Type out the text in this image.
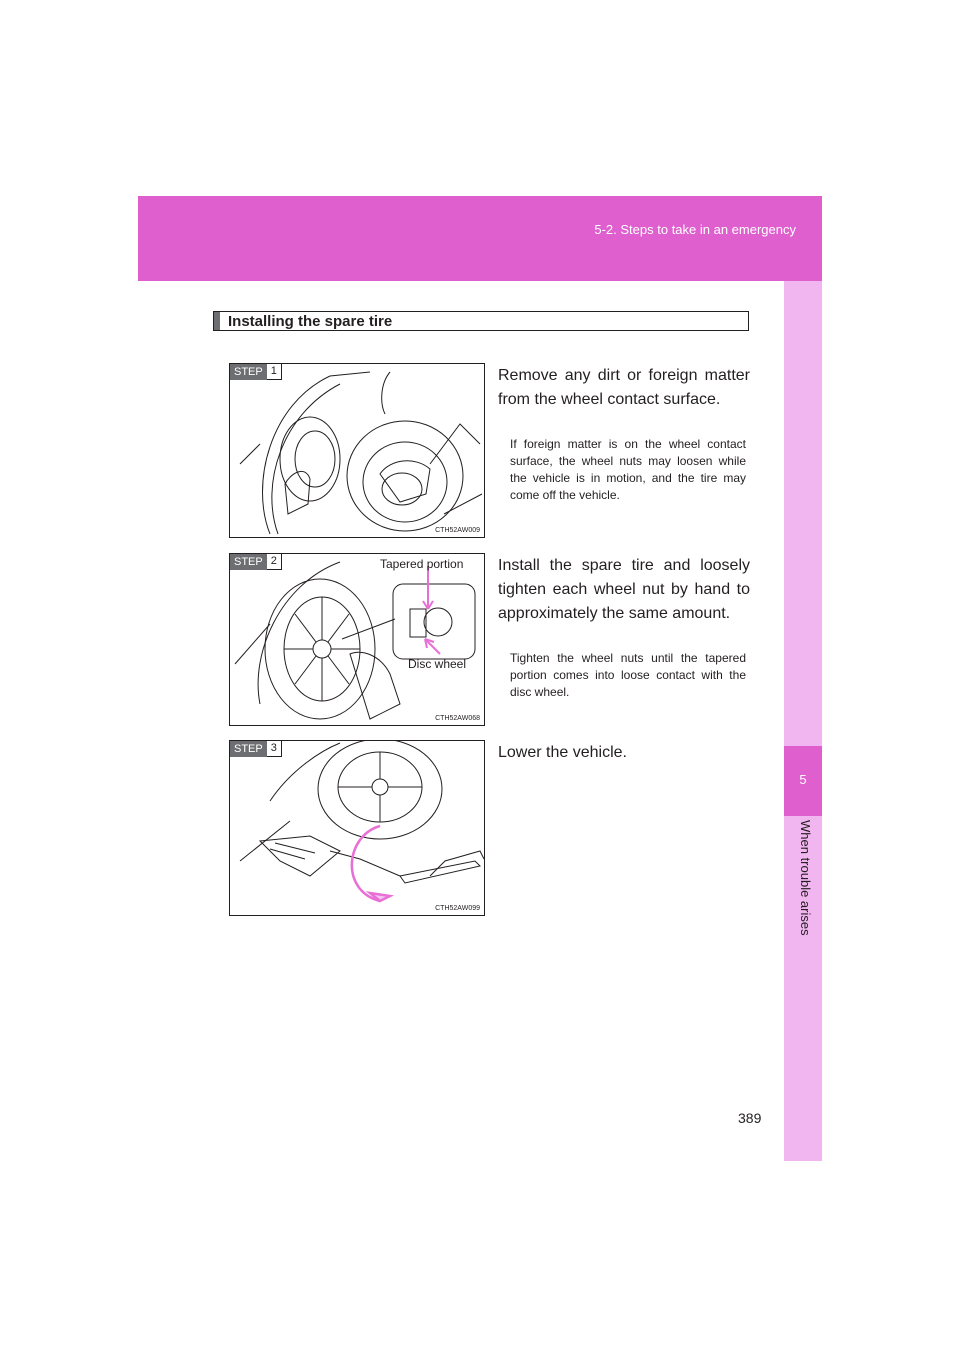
5-2. Steps to take in an emergency
5
When trouble arises
Installing the spare tire
STEP 1
CTH52AW009
Remove any dirt or foreign matter from the wheel contact surface.
If foreign matter is on the wheel contact surface, the wheel nuts may loosen while the vehicle is in motion, and the tire may come off the vehicle.
STEP 2	Tapered portion
Disc wheel
CTH52AW068
Install the spare tire and loosely tighten each wheel nut by hand to approximately the same amount.
Tighten the wheel nuts until the tapered portion comes into loose contact with the disc wheel.
STEP 3
CTH52AW099
Lower the vehicle.
389
